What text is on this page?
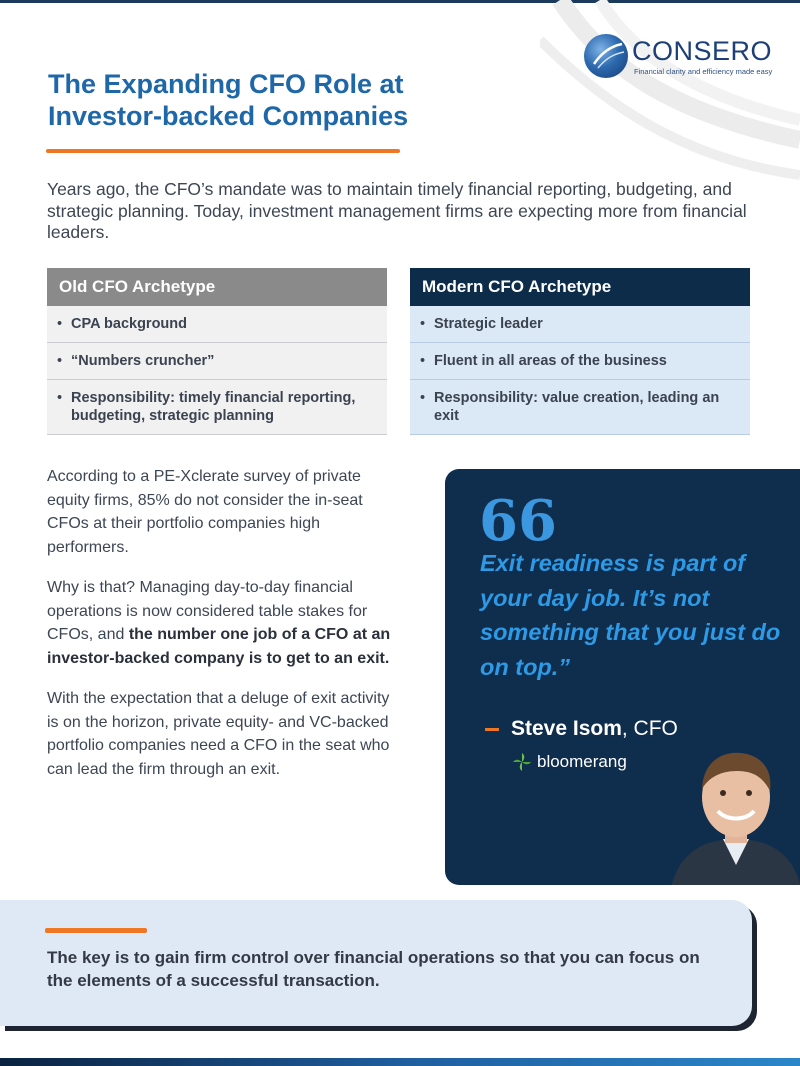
CONSERO
Financial clarity and efficiency made easy
The Expanding CFO Role at Investor-backed Companies

Years ago, the CFO’s mandate was to maintain timely financial reporting, budgeting, and strategic planning. Today, investment management firms are expecting more from financial leaders.

Old CFO Archetype
• CPA background
• “Numbers cruncher”
• Responsibility: timely financial reporting, budgeting, strategic planning
Modern CFO Archetype
• Strategic leader
• Fluent in all areas of the business
• Responsibility: value creation, leading an exit

According to a PE-Xclerate survey of private equity firms, 85% do not consider the in-seat CFOs at their portfolio companies high performers.

Why is that? Managing day-to-day financial operations is now considered table stakes for CFOs, and the number one job of a CFO at an investor-backed company is to get to an exit.

With the expectation that a deluge of exit activity is on the horizon, private equity- and VC-backed portfolio companies need a CFO in the seat who can lead the firm through an exit.

66
Exit readiness is part of your day job. It’s not something that you just do on top.”
Steve Isom, CFO
bloomerang

The key is to gain firm control over financial operations so that you can focus on the elements of a successful transaction.
